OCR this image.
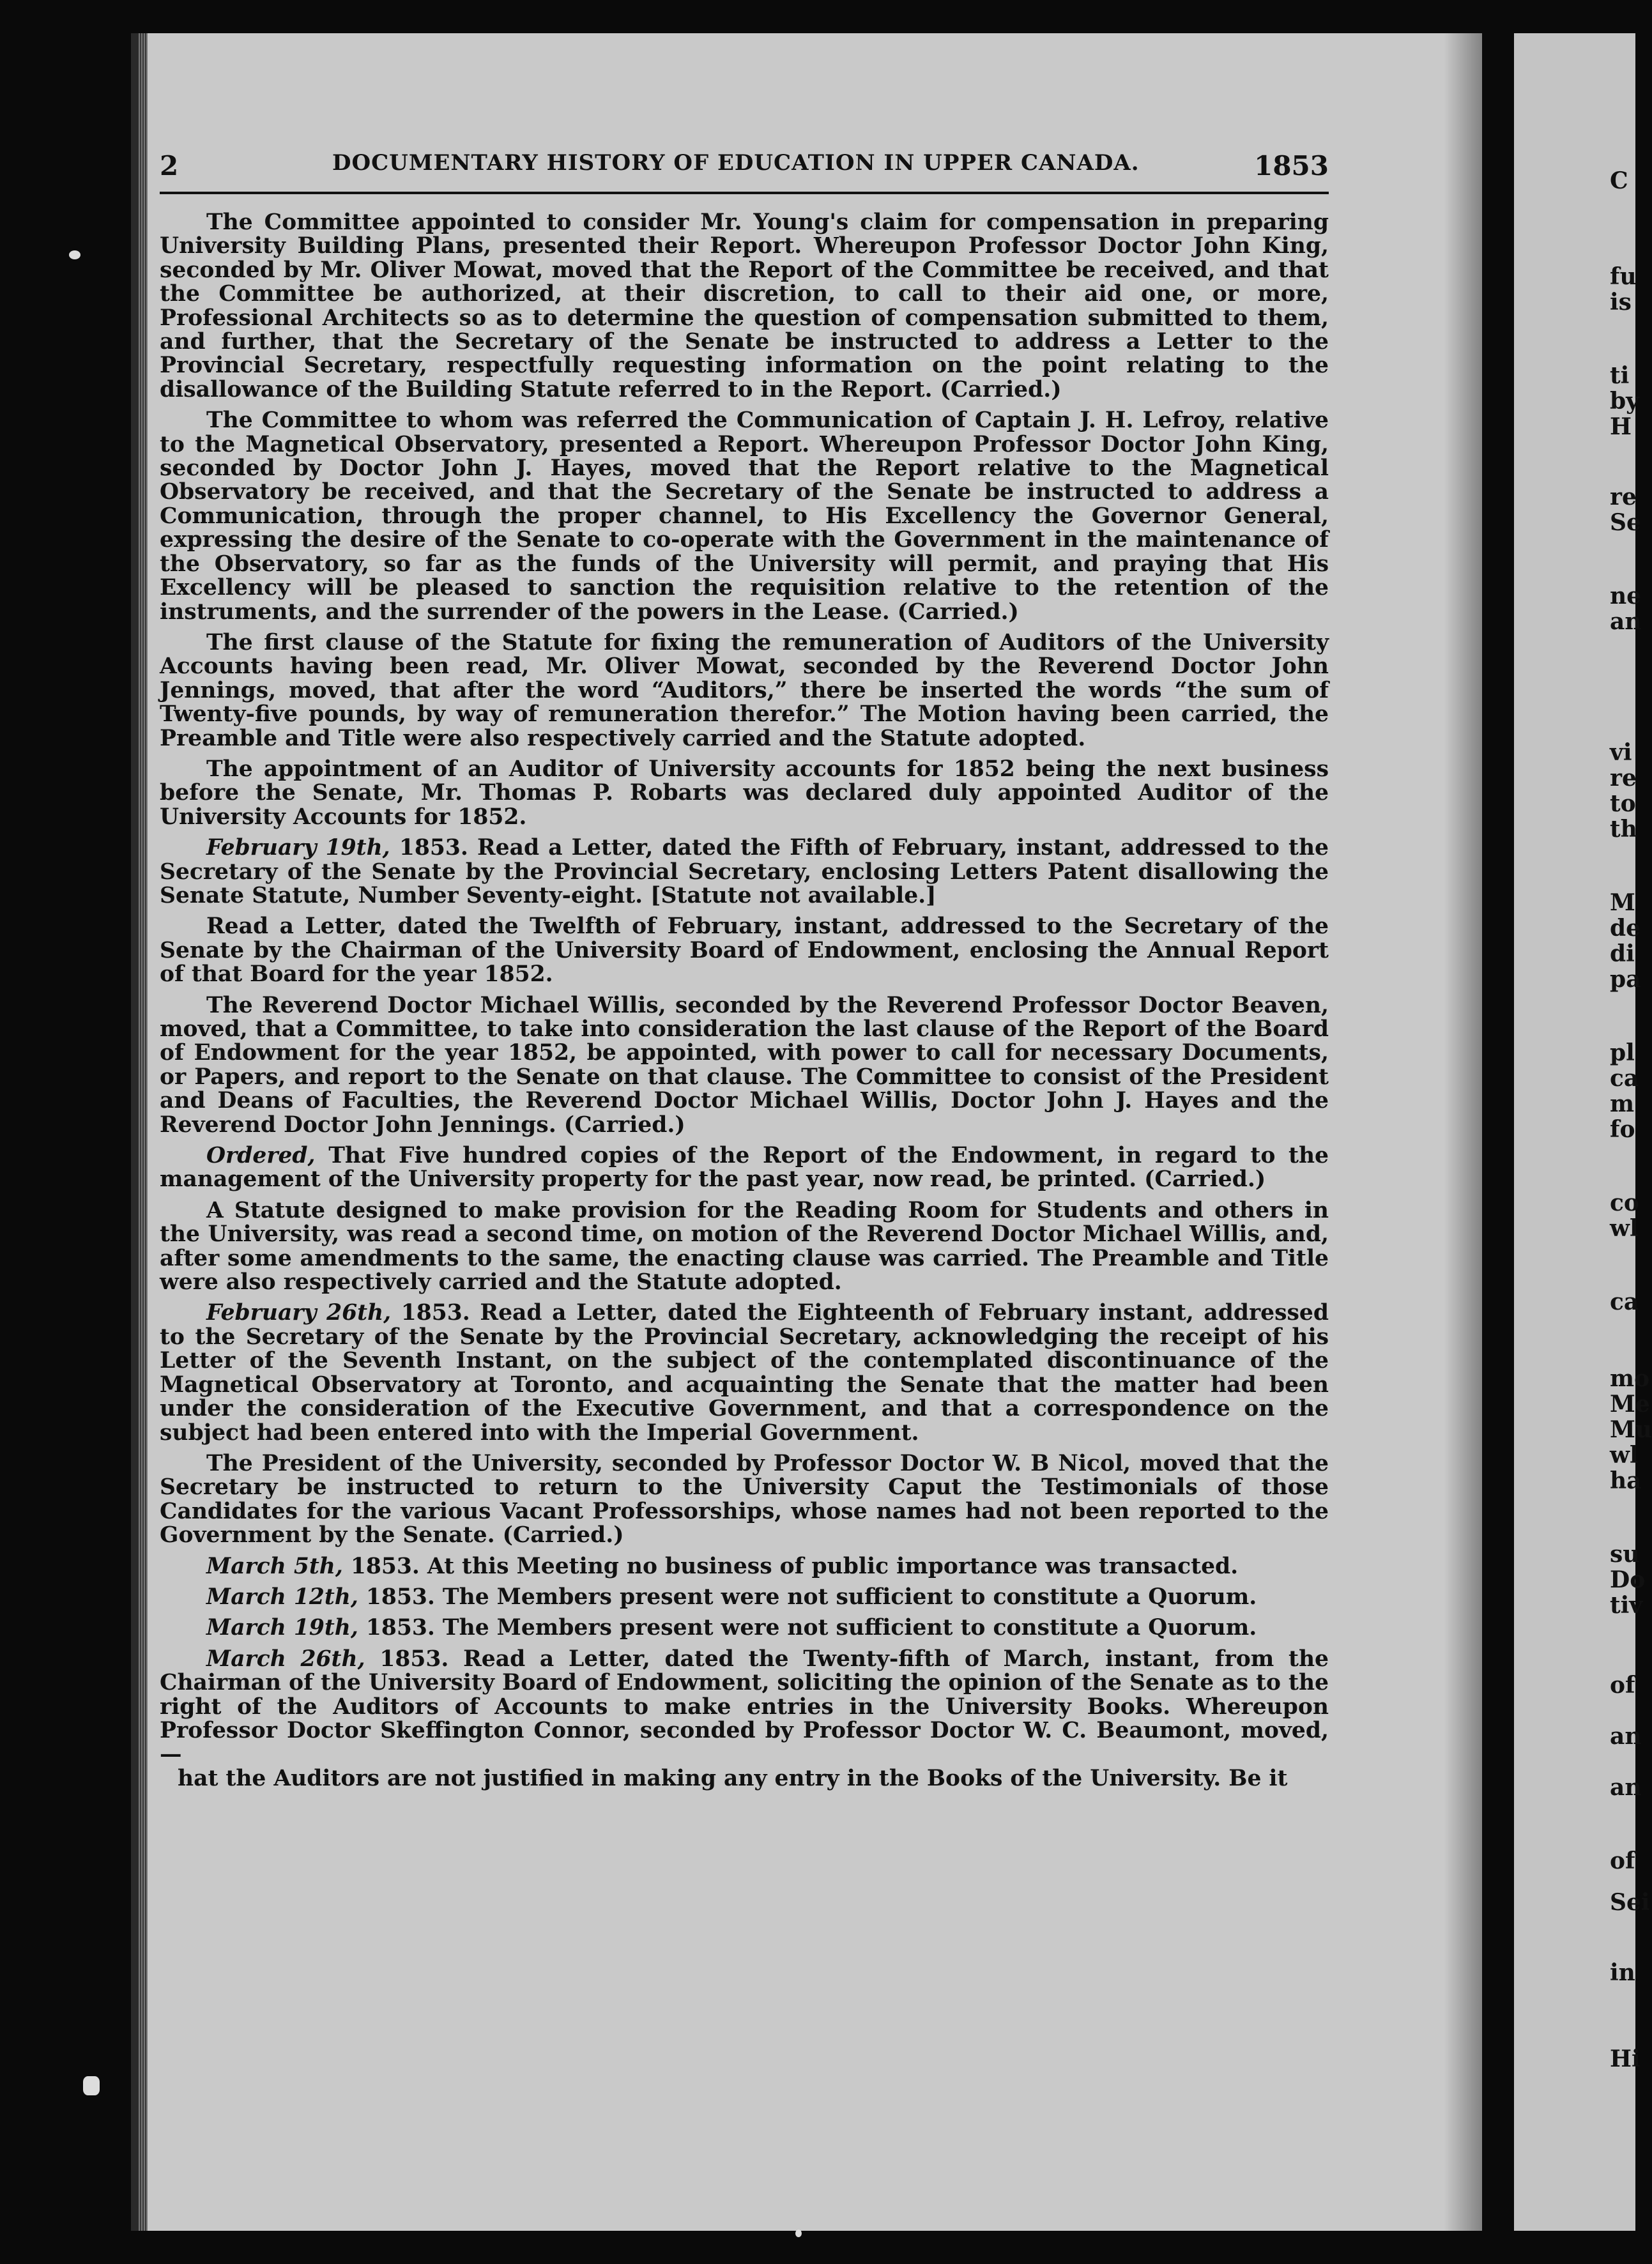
2	DOCUMENTARY HISTORY OF EDUCATION IN UPPER CANADA.	1853

The Committee appointed to consider Mr. Young's claim for compensation in preparing University Building Plans, presented their Report. Whereupon Professor Doctor John King, seconded by Mr. Oliver Mowat, moved that the Report of the Committee be received, and that the Committee be authorized, at their discretion, to call to their aid one, or more, Professional Architects so as to determine the question of compensation submitted to them, and further, that the Secretary of the Senate be instructed to address a Letter to the Provincial Secretary, respectfully requesting information on the point relating to the disallowance of the Building Statute referred to in the Report. (Carried.)

The Committee to whom was referred the Communication of Captain J. H. Lefroy, relative to the Magnetical Observatory, presented a Report. Whereupon Professor Doctor John King, seconded by Doctor John J. Hayes, moved that the Report relative to the Magnetical Observatory be received, and that the Secretary of the Senate be instructed to address a Communication, through the proper channel, to His Excellency the Governor General, expressing the desire of the Senate to co-operate with the Government in the maintenance of the Observatory, so far as the funds of the University will permit, and praying that His Excellency will be pleased to sanction the requisition relative to the retention of the instruments, and the surrender of the powers in the Lease. (Carried.)

The first clause of the Statute for fixing the remuneration of Auditors of the University Accounts having been read, Mr. Oliver Mowat, seconded by the Reverend Doctor John Jennings, moved, that after the word “Auditors,” there be inserted the words “the sum of Twenty-five pounds, by way of remuneration therefor.” The Motion having been carried, the Preamble and Title were also respectively carried and the Statute adopted.

The appointment of an Auditor of University accounts for 1852 being the next business before the Senate, Mr. Thomas P. Robarts was declared duly appointed Auditor of the University Accounts for 1852.

February 19th, 1853. Read a Letter, dated the Fifth of February, instant, addressed to the Secretary of the Senate by the Provincial Secretary, enclosing Letters Patent disallowing the Senate Statute, Number Seventy-eight. [Statute not available.]

Read a Letter, dated the Twelfth of February, instant, addressed to the Secretary of the Senate by the Chairman of the University Board of Endowment, enclosing the Annual Report of that Board for the year 1852.

The Reverend Doctor Michael Willis, seconded by the Reverend Professor Doctor Beaven, moved, that a Committee, to take into consideration the last clause of the Report of the Board of Endowment for the year 1852, be appointed, with power to call for necessary Documents, or Papers, and report to the Senate on that clause. The Committee to consist of the President and Deans of Faculties, the Reverend Doctor Michael Willis, Doctor John J. Hayes and the Reverend Doctor John Jennings. (Carried.)

Ordered, That Five hundred copies of the Report of the Endowment, in regard to the management of the University property for the past year, now read, be printed. (Carried.)

A Statute designed to make provision for the Reading Room for Students and others in the University, was read a second time, on motion of the Reverend Doctor Michael Willis, and, after some amendments to the same, the enacting clause was carried. The Preamble and Title were also respectively carried and the Statute adopted.

February 26th, 1853. Read a Letter, dated the Eighteenth of February instant, addressed to the Secretary of the Senate by the Provincial Secretary, acknowledging the receipt of his Letter of the Seventh Instant, on the subject of the contemplated discontinuance of the Magnetical Observatory at Toronto, and acquainting the Senate that the matter had been under the consideration of the Executive Government, and that a correspondence on the subject had been entered into with the Imperial Government.

The President of the University, seconded by Professor Doctor W. B Nicol, moved that the Secretary be instructed to return to the University Caput the Testimonials of those Candidates for the various Vacant Professorships, whose names had not been reported to the Government by the Senate. (Carried.)

March 5th, 1853. At this Meeting no business of public importance was transacted.

March 12th, 1853. The Members present were not sufficient to constitute a Quorum.

March 19th, 1853. The Members present were not sufficient to constitute a Quorum.

March 26th, 1853. Read a Letter, dated the Twenty-fifth of March, instant, from the Chairman of the University Board of Endowment, soliciting the opinion of the Senate as to the right of the Auditors of Accounts to make entries in the University Books. Whereupon Professor Doctor Skeffington Connor, seconded by Professor Doctor W. C. Beaumont, moved,—

hat the Auditors are not justified in making any entry in the Books of the University. Be it

C
fu
is
ti
by
H
re
Se
ne
an
vi
re
to
th
M
de
di
pa
pl
ca
m
fo
co
wl
ca
mo
Me
Mu
wl
ha
su
Do
tiv
of
an
an
of
Sei
in
Hi
